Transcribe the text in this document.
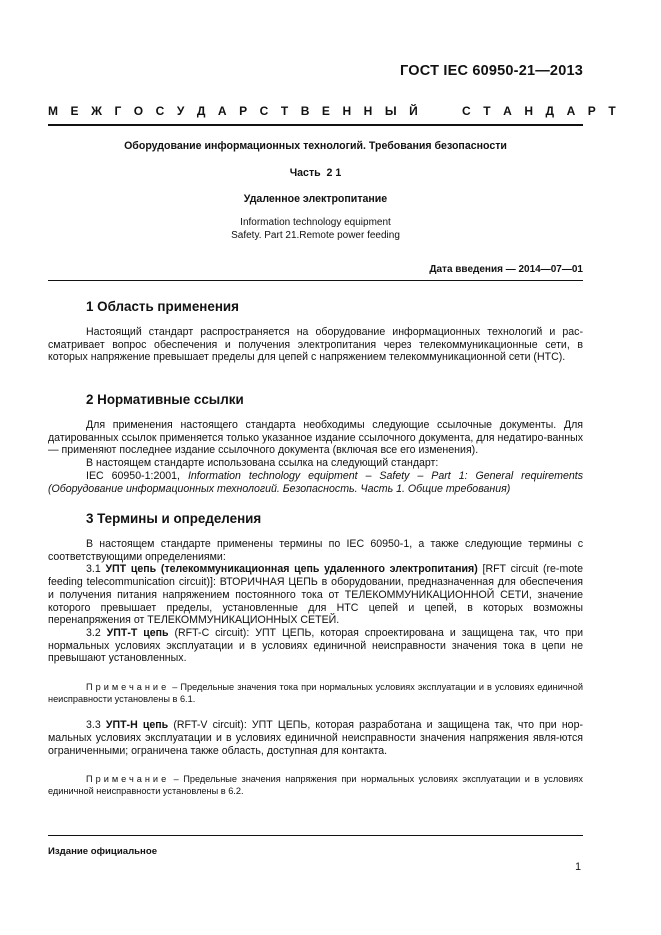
ГОСТ IEC 60950-21—2013
М Е Ж Г О С У Д А Р С Т В Е Н Н Ы Й     С Т А Н Д А Р Т
Оборудование информационных технологий. Требования безопасности
Часть  2 1
Удаленное электропитание
Information technology equipment
Safety. Part 21.Remote power feeding
Дата введения — 2014—07—01
1 Область применения

Настоящий стандарт распространяется на оборудование информационных технологий и рас-сматривает вопрос обеспечения и получения электропитания через телекоммуникационные сети, в которых напряжение превышает пределы для цепей с напряжением телекоммуникационной сети (НТС).

2 Нормативные ссылки

Для применения настоящего стандарта необходимы следующие ссылочные документы. Для датированных ссылок применяется только указанное издание ссылочного документа, для недатиро-ванных — применяют последнее издание ссылочного документа (включая все его изменения).

В настоящем стандарте использована ссылка на следующий стандарт:

IEC 60950-1:2001, Information technology equipment – Safety – Part 1: General requirements (Оборудование информационных технологий. Безопасность. Часть 1. Общие требования)

3 Термины и определения

В настоящем стандарте применены термины по IEC 60950-1, а также следующие термины с соответствующими определениями:

3.1 УПТ цепь (телекоммуникационная цепь удаленного электропитания) [RFT circuit (re-mote feeding telecommunication circuit)]: ВТОРИЧНАЯ ЦЕПЬ в оборудовании, предназначенная для обеспечения и получения питания напряжением постоянного тока от ТЕЛЕКОММУНИКАЦИОННОЙ СЕТИ, значение которого превышает пределы, установленные для НТС цепей и цепей, в которых возможны перенапряжения от ТЕЛЕКОММУНИКАЦИОННЫХ СЕТЕЙ.

3.2 УПТ-Т цепь (RFT-C circuit): УПТ ЦЕПЬ, которая спроектирована и защищена так, что при нормальных условиях эксплуатации и в условиях единичной неисправности значения тока в цепи не превышают установленных.

Примечание – Предельные значения тока при нормальных условиях эксплуатации и в условиях единичной неисправности установлены в 6.1.

3.3 УПТ-Н цепь (RFT-V circuit): УПТ ЦЕПЬ, которая разработана и защищена так, что при нор-мальных условиях эксплуатации и в условиях единичной неисправности значения напряжения явля-ются ограниченными; ограничена также область, доступная для контакта.

Примечание – Предельные значения напряжения при нормальных условиях эксплуатации и в условиях единичной неисправности установлены в 6.2.

Издание официальное
1
